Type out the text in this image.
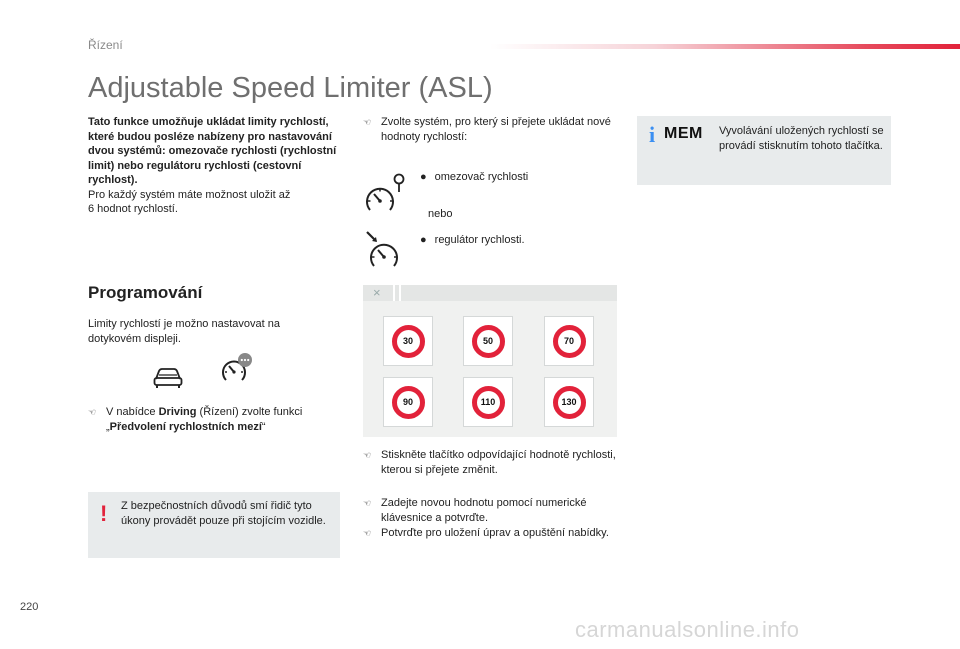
Řízení
Adjustable Speed Limiter (ASL)
Tato funkce umožňuje ukládat limity rychlostí, které budou posléze nabízeny pro nastavování dvou systémů: omezovače rychlosti (rychlostní limit) nebo regulátoru rychlosti (cestovní rychlost).
Pro každý systém máte možnost uložit až
6 hodnot rychlostí.
Programování
Limity rychlostí je možno nastavovat na dotykovém displeji.
☜ V nabídce Driving (Řízení) zvolte funkci
„Předvolení rychlostních mezí“
! Z bezpečnostních důvodů smí řidič tyto úkony provádět pouze při stojícím vozidle.
☜ Zvolte systém, pro který si přejete ukládat nové hodnoty rychlostí:
● omezovač rychlosti
nebo
● regulátor rychlosti.
×
30	50	70
90	110	130
☜ Stiskněte tlačítko odpovídající hodnotě rychlosti, kterou si přejete změnit.
☜ Zadejte novou hodnotu pomocí numerické klávesnice a potvrďte.
☜ Potvrďte pro uložení úprav a opuštění nabídky.
i MEM Vyvolávání uložených rychlostí se provádí stisknutím tohoto tlačítka.
220
carmanualsonline.info
